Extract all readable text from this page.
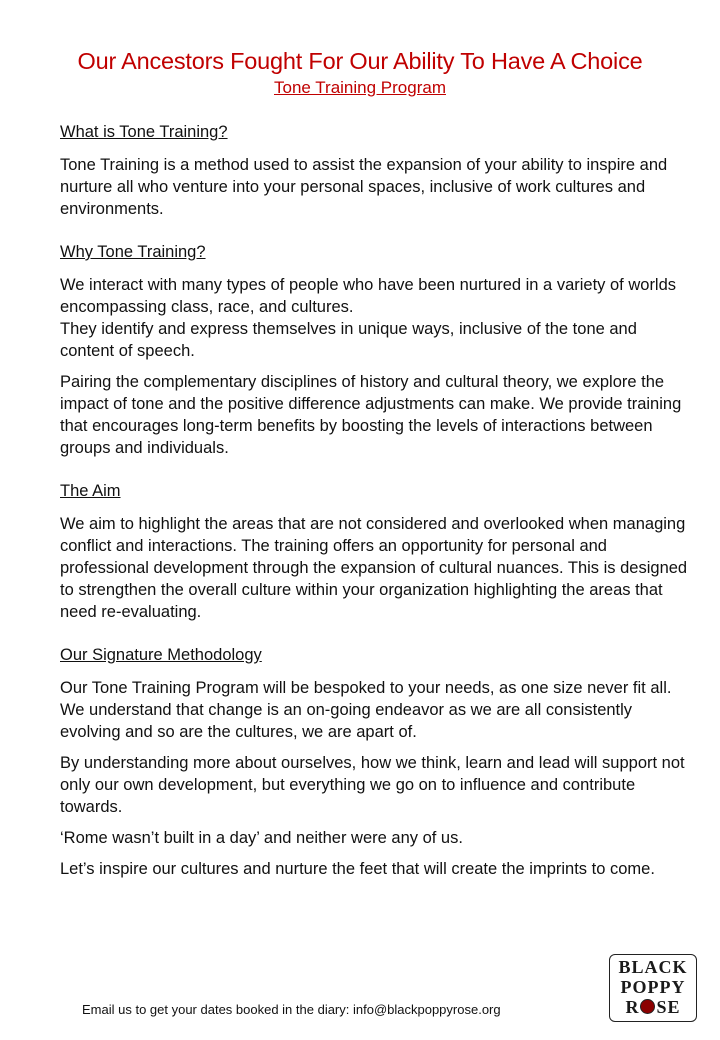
Our Ancestors Fought For Our Ability To Have A Choice
Tone Training Program
What is Tone Training?
Tone Training is a method used to assist the expansion of your ability to inspire and nurture all who venture into your personal spaces, inclusive of work cultures and environments.
Why Tone Training?
We interact with many types of people who have been nurtured in a variety of worlds encompassing class, race, and cultures.
They identify and express themselves in unique ways, inclusive of the tone and content of speech.
Pairing the complementary disciplines of history and cultural theory, we explore the impact of tone and the positive difference adjustments can make. We provide training that encourages long-term benefits by boosting the levels of interactions between groups and individuals.
The Aim
We aim to highlight the areas that are not considered and overlooked when managing conflict and interactions. The training offers an opportunity for personal and professional development through the expansion of cultural nuances. This is designed to strengthen the overall culture within your organization highlighting the areas that need re-evaluating.
Our Signature Methodology
Our Tone Training Program will be bespoked to your needs, as one size never fit all. We understand that change is an on-going endeavor as we are all consistently evolving and so are the cultures, we are apart of.
By understanding more about ourselves, how we think, learn and lead will support not only our own development, but everything we go on to influence and contribute towards.
‘Rome wasn’t built in a day’ and neither were any of us.
Let’s inspire our cultures and nurture the feet that will create the imprints to come.
Email us to get your dates booked in the diary: info@blackpoppyrose.org
BLACK
POPPY
R SE
